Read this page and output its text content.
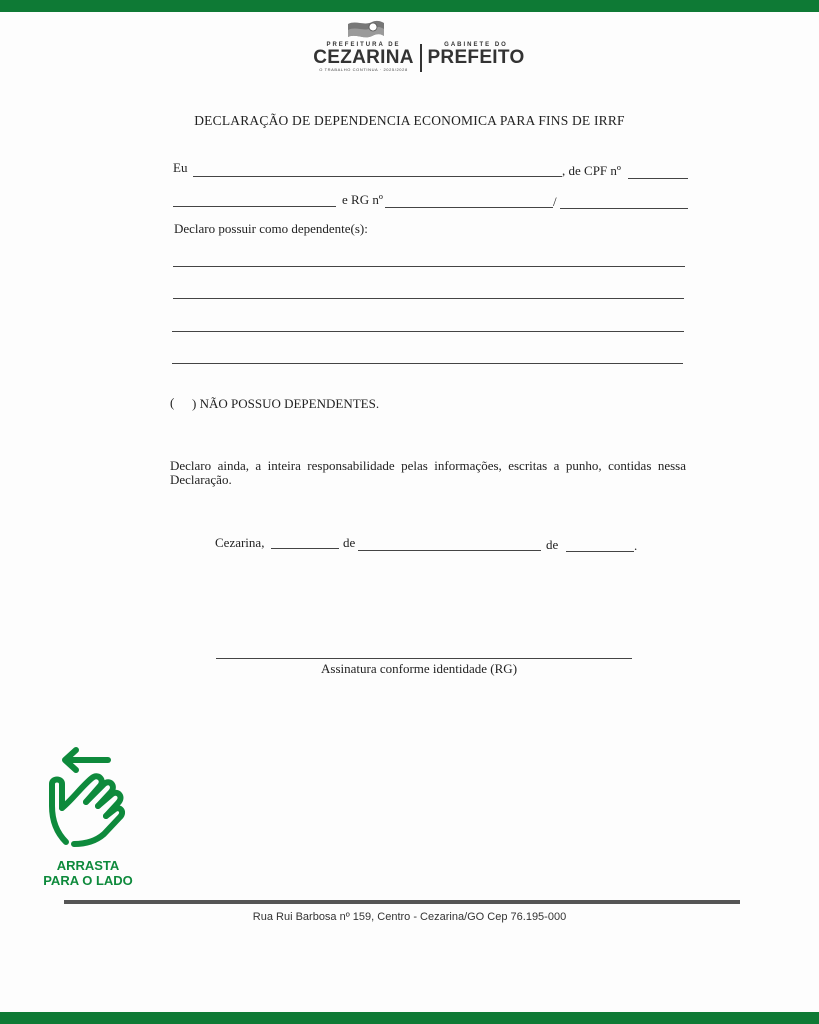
PREFEITURA DE
CEZARINA
O TRABALHO CONTINUA · 2025/2028
GABINETE DO
PREFEITO
DECLARAÇÃO DE DEPENDENCIA ECONOMICA PARA FINS DE IRRF
Eu	, de CPF nº
e RG nº	/
Declaro possuir como dependente(s):
( ) NÃO POSSUO DEPENDENTES.
Declaro ainda, a inteira responsabilidade pelas informações, escritas a punho, contidas nessa Declaração.
Cezarina,	de	de	.
Assinatura conforme identidade (RG)
ARRASTA
PARA O LADO
Rua Rui Barbosa nº 159, Centro - Cezarina/GO Cep 76.195-000
